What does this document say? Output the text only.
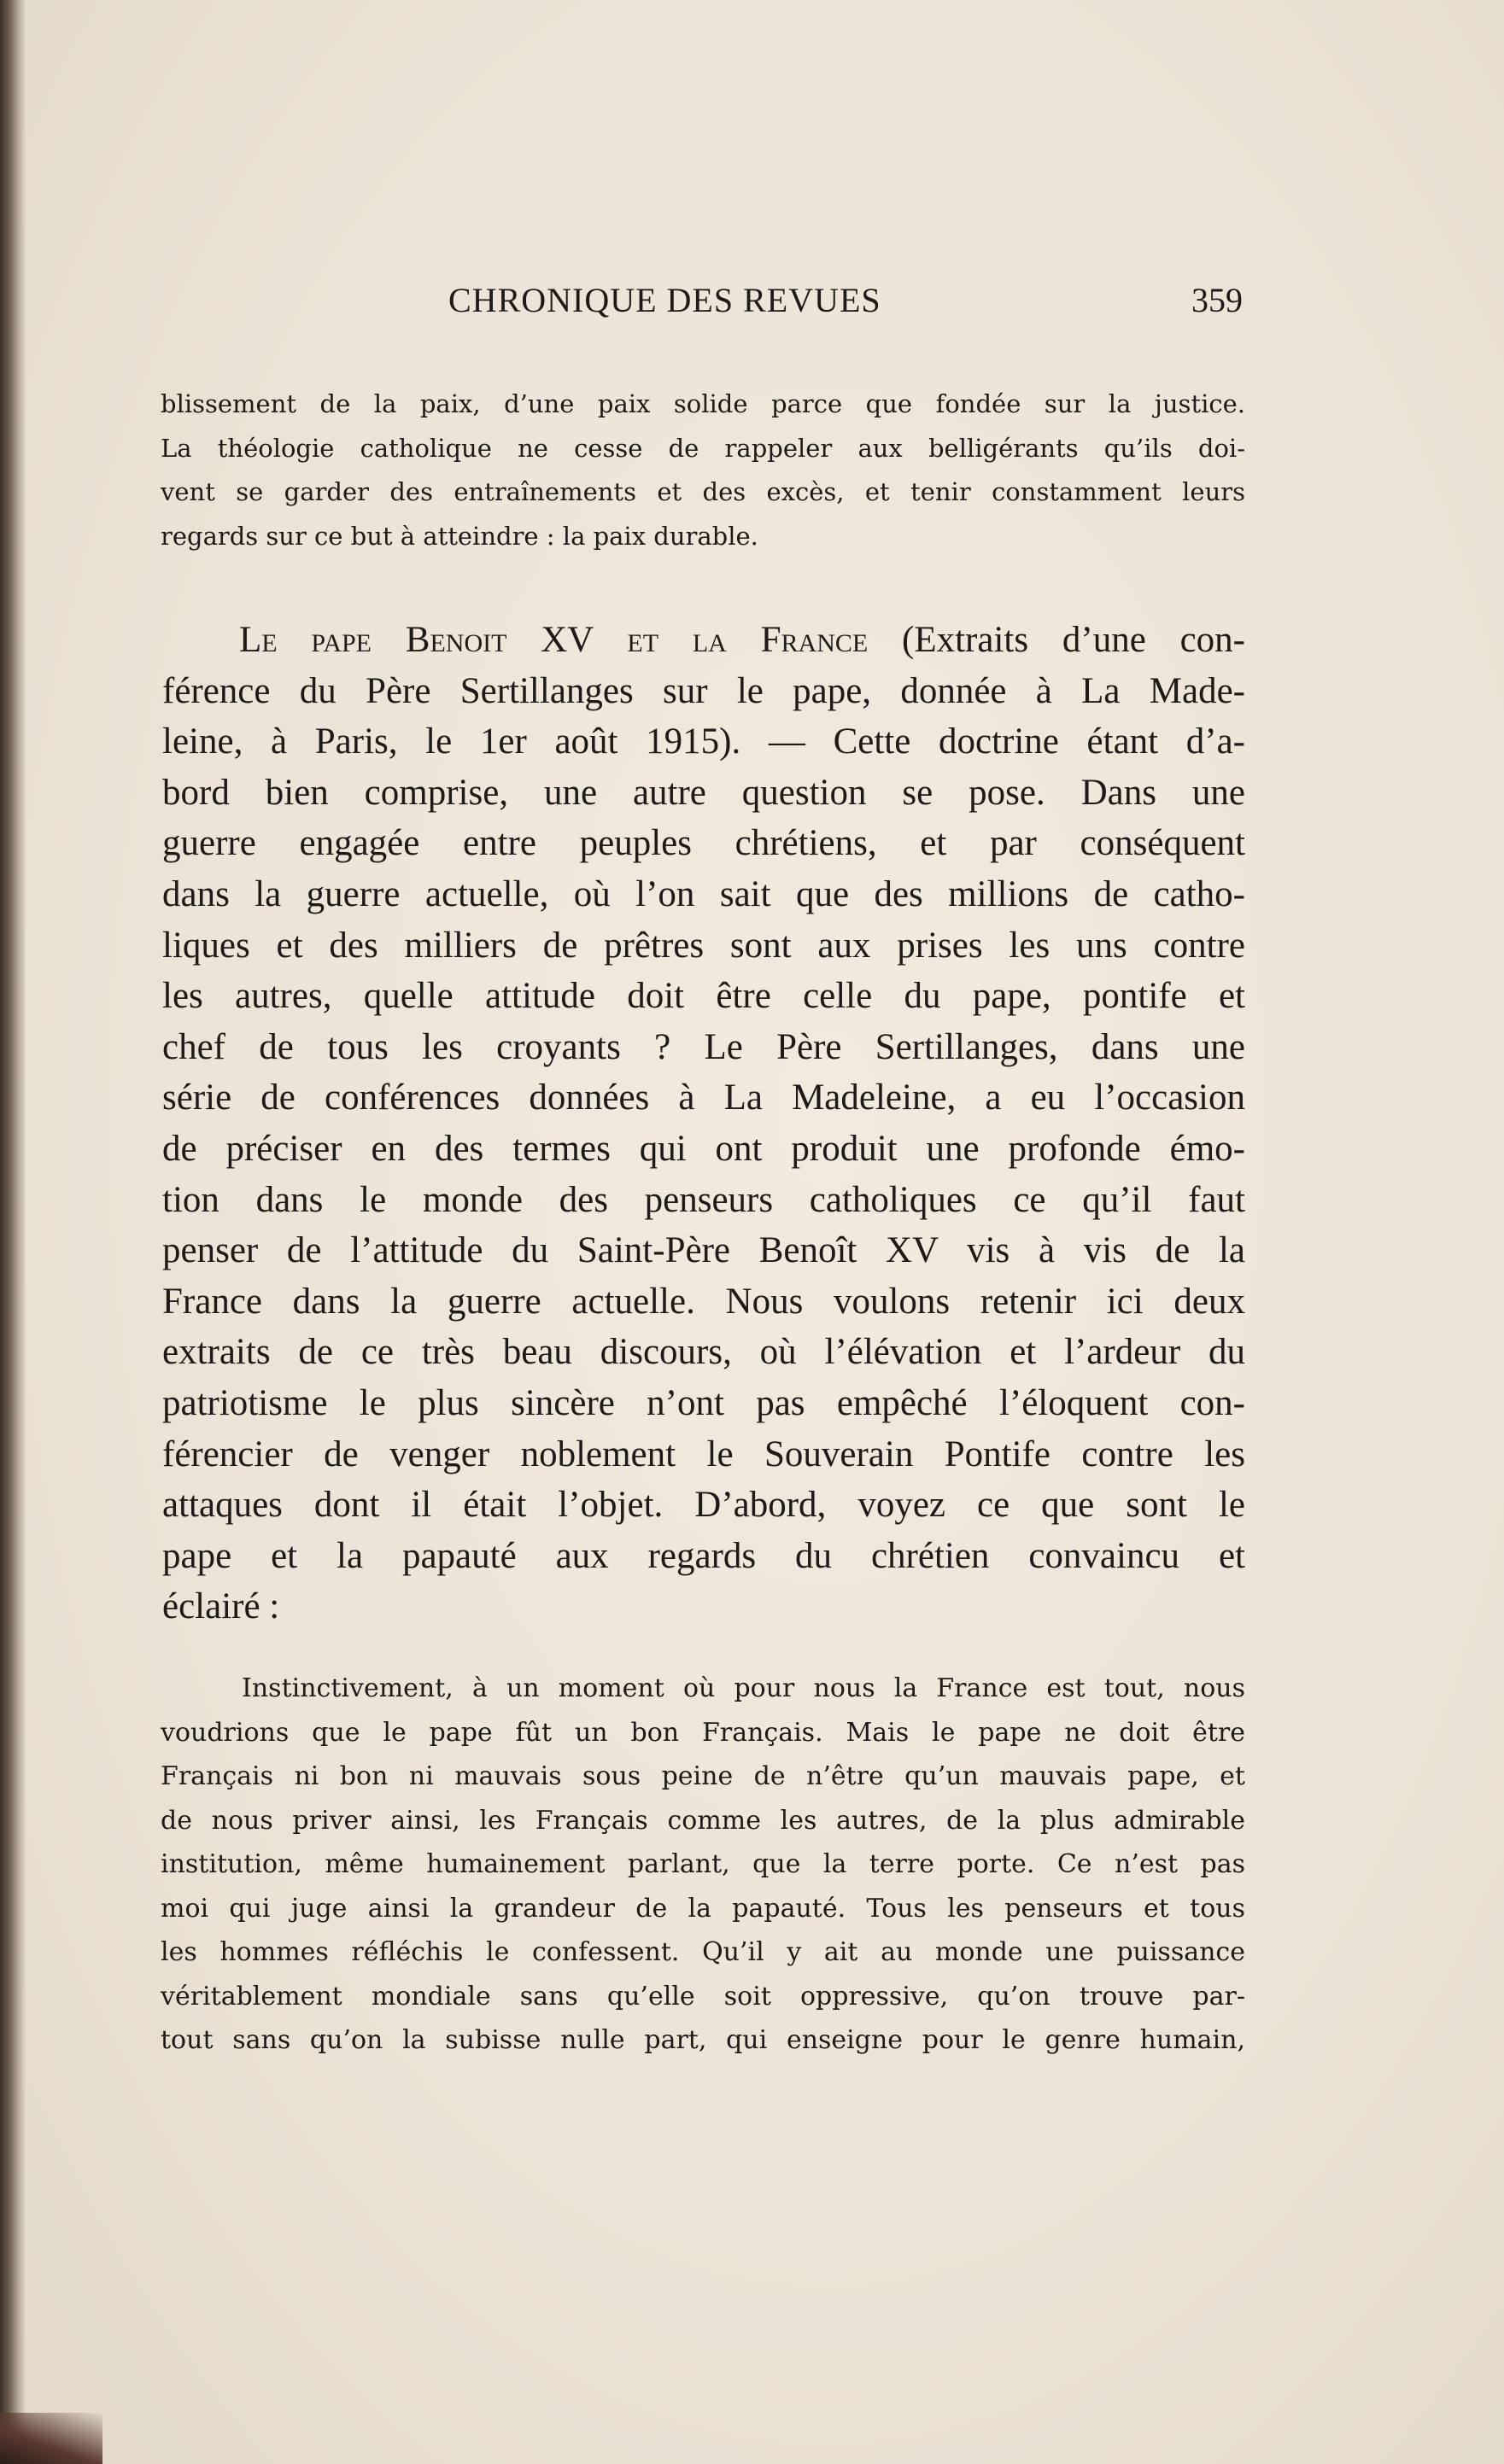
CHRONIQUE DES REVUES	359

blissement de la paix, d’une paix solide parce que fondée sur la justice.
La théologie catholique ne cesse de rappeler aux belligérants qu’ils doi-
vent se garder des entraînements et des excès, et tenir constamment leurs
regards sur ce but à atteindre : la paix durable.

Le pape Benoit XV et la France (Extraits d’une con-
férence du Père Sertillanges sur le pape, donnée à La Made-
leine, à Paris, le 1er août 1915). — Cette doctrine étant d’a-
bord bien comprise, une autre question se pose. Dans une
guerre engagée entre peuples chrétiens, et par conséquent
dans la guerre actuelle, où l’on sait que des millions de catho-
liques et des milliers de prêtres sont aux prises les uns contre
les autres, quelle attitude doit être celle du pape, pontife et
chef de tous les croyants ? Le Père Sertillanges, dans une
série de conférences données à La Madeleine, a eu l’occasion
de préciser en des termes qui ont produit une profonde émo-
tion dans le monde des penseurs catholiques ce qu’il faut
penser de l’attitude du Saint-Père Benoît XV vis à vis de la
France dans la guerre actuelle. Nous voulons retenir ici deux
extraits de ce très beau discours, où l’élévation et l’ardeur du
patriotisme le plus sincère n’ont pas empêché l’éloquent con-
férencier de venger noblement le Souverain Pontife contre les
attaques dont il était l’objet. D’abord, voyez ce que sont le
pape et la papauté aux regards du chrétien convaincu et
éclairé :

Instinctivement, à un moment où pour nous la France est tout, nous
voudrions que le pape fût un bon Français. Mais le pape ne doit être
Français ni bon ni mauvais sous peine de n’être qu’un mauvais pape, et
de nous priver ainsi, les Français comme les autres, de la plus admirable
institution, même humainement parlant, que la terre porte. Ce n’est pas
moi qui juge ainsi la grandeur de la papauté. Tous les penseurs et tous
les hommes réfléchis le confessent. Qu’il y ait au monde une puissance
véritablement mondiale sans qu’elle soit oppressive, qu’on trouve par-
tout sans qu’on la subisse nulle part, qui enseigne pour le genre humain,
